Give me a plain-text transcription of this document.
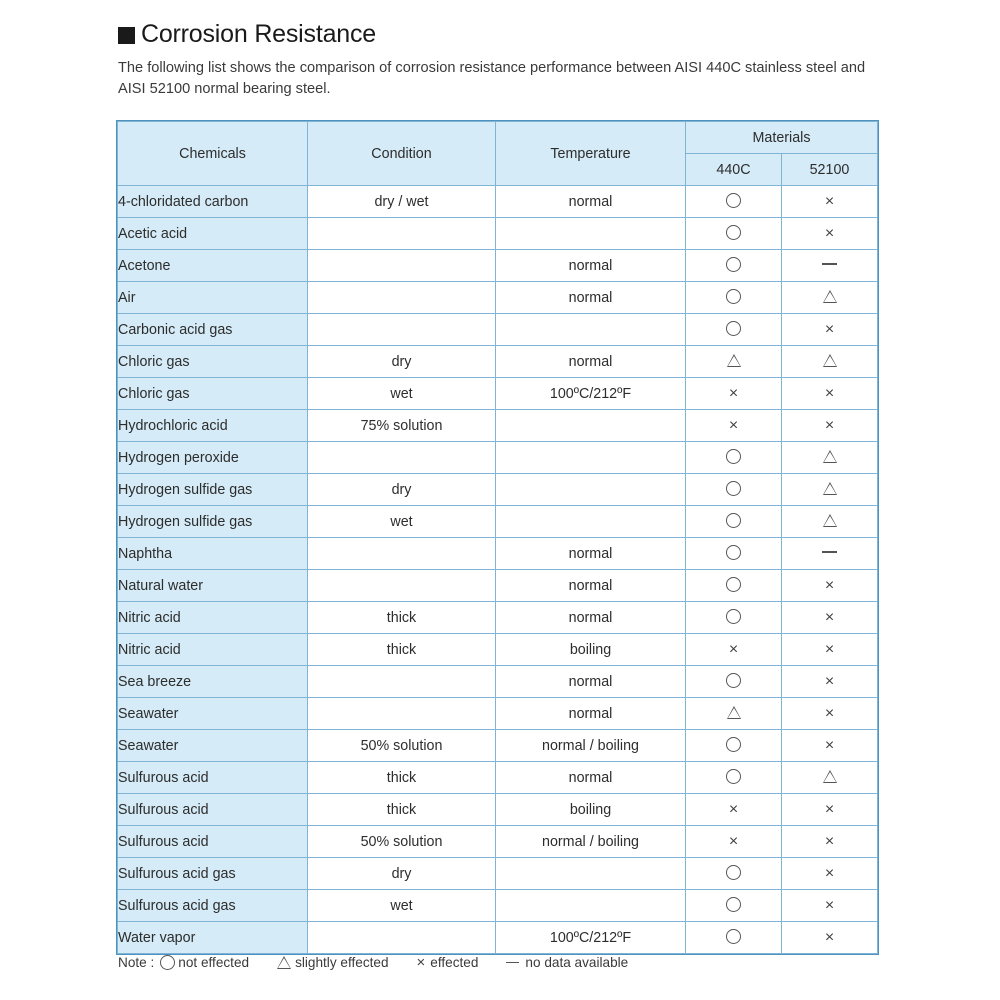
Corrosion Resistance
The following list shows the comparison of corrosion resistance performance between AISI 440C stainless steel and AISI 52100 normal bearing steel.
Chemicals	Condition	Temperature	Materials	
			440C	52100
4-chloridated carbon	dry / wet	normal		×
Acetic acid				×
Acetone		normal		
Air		normal		
Carbonic acid gas				×
Chloric gas	dry	normal		
Chloric gas	wet	100ºC/212ºF	×	×
Hydrochloric acid	75% solution		×	×
Hydrogen peroxide				
Hydrogen sulfide gas	dry			
Hydrogen sulfide gas	wet			
Naphtha		normal		
Natural water		normal		×
Nitric acid	thick	normal		×
Nitric acid	thick	boiling	×	×
Sea breeze		normal		×
Seawater		normal		×
Seawater	50% solution	normal / boiling		×
Sulfurous acid	thick	normal		
Sulfurous acid	thick	boiling	×	×
Sulfurous acid	50% solution	normal / boiling	×	×
Sulfurous acid gas	dry			×
Sulfurous acid gas	wet			×
Water vapor		100ºC/212ºF		×
Note : not effected	slightly effected × effected	no data available
